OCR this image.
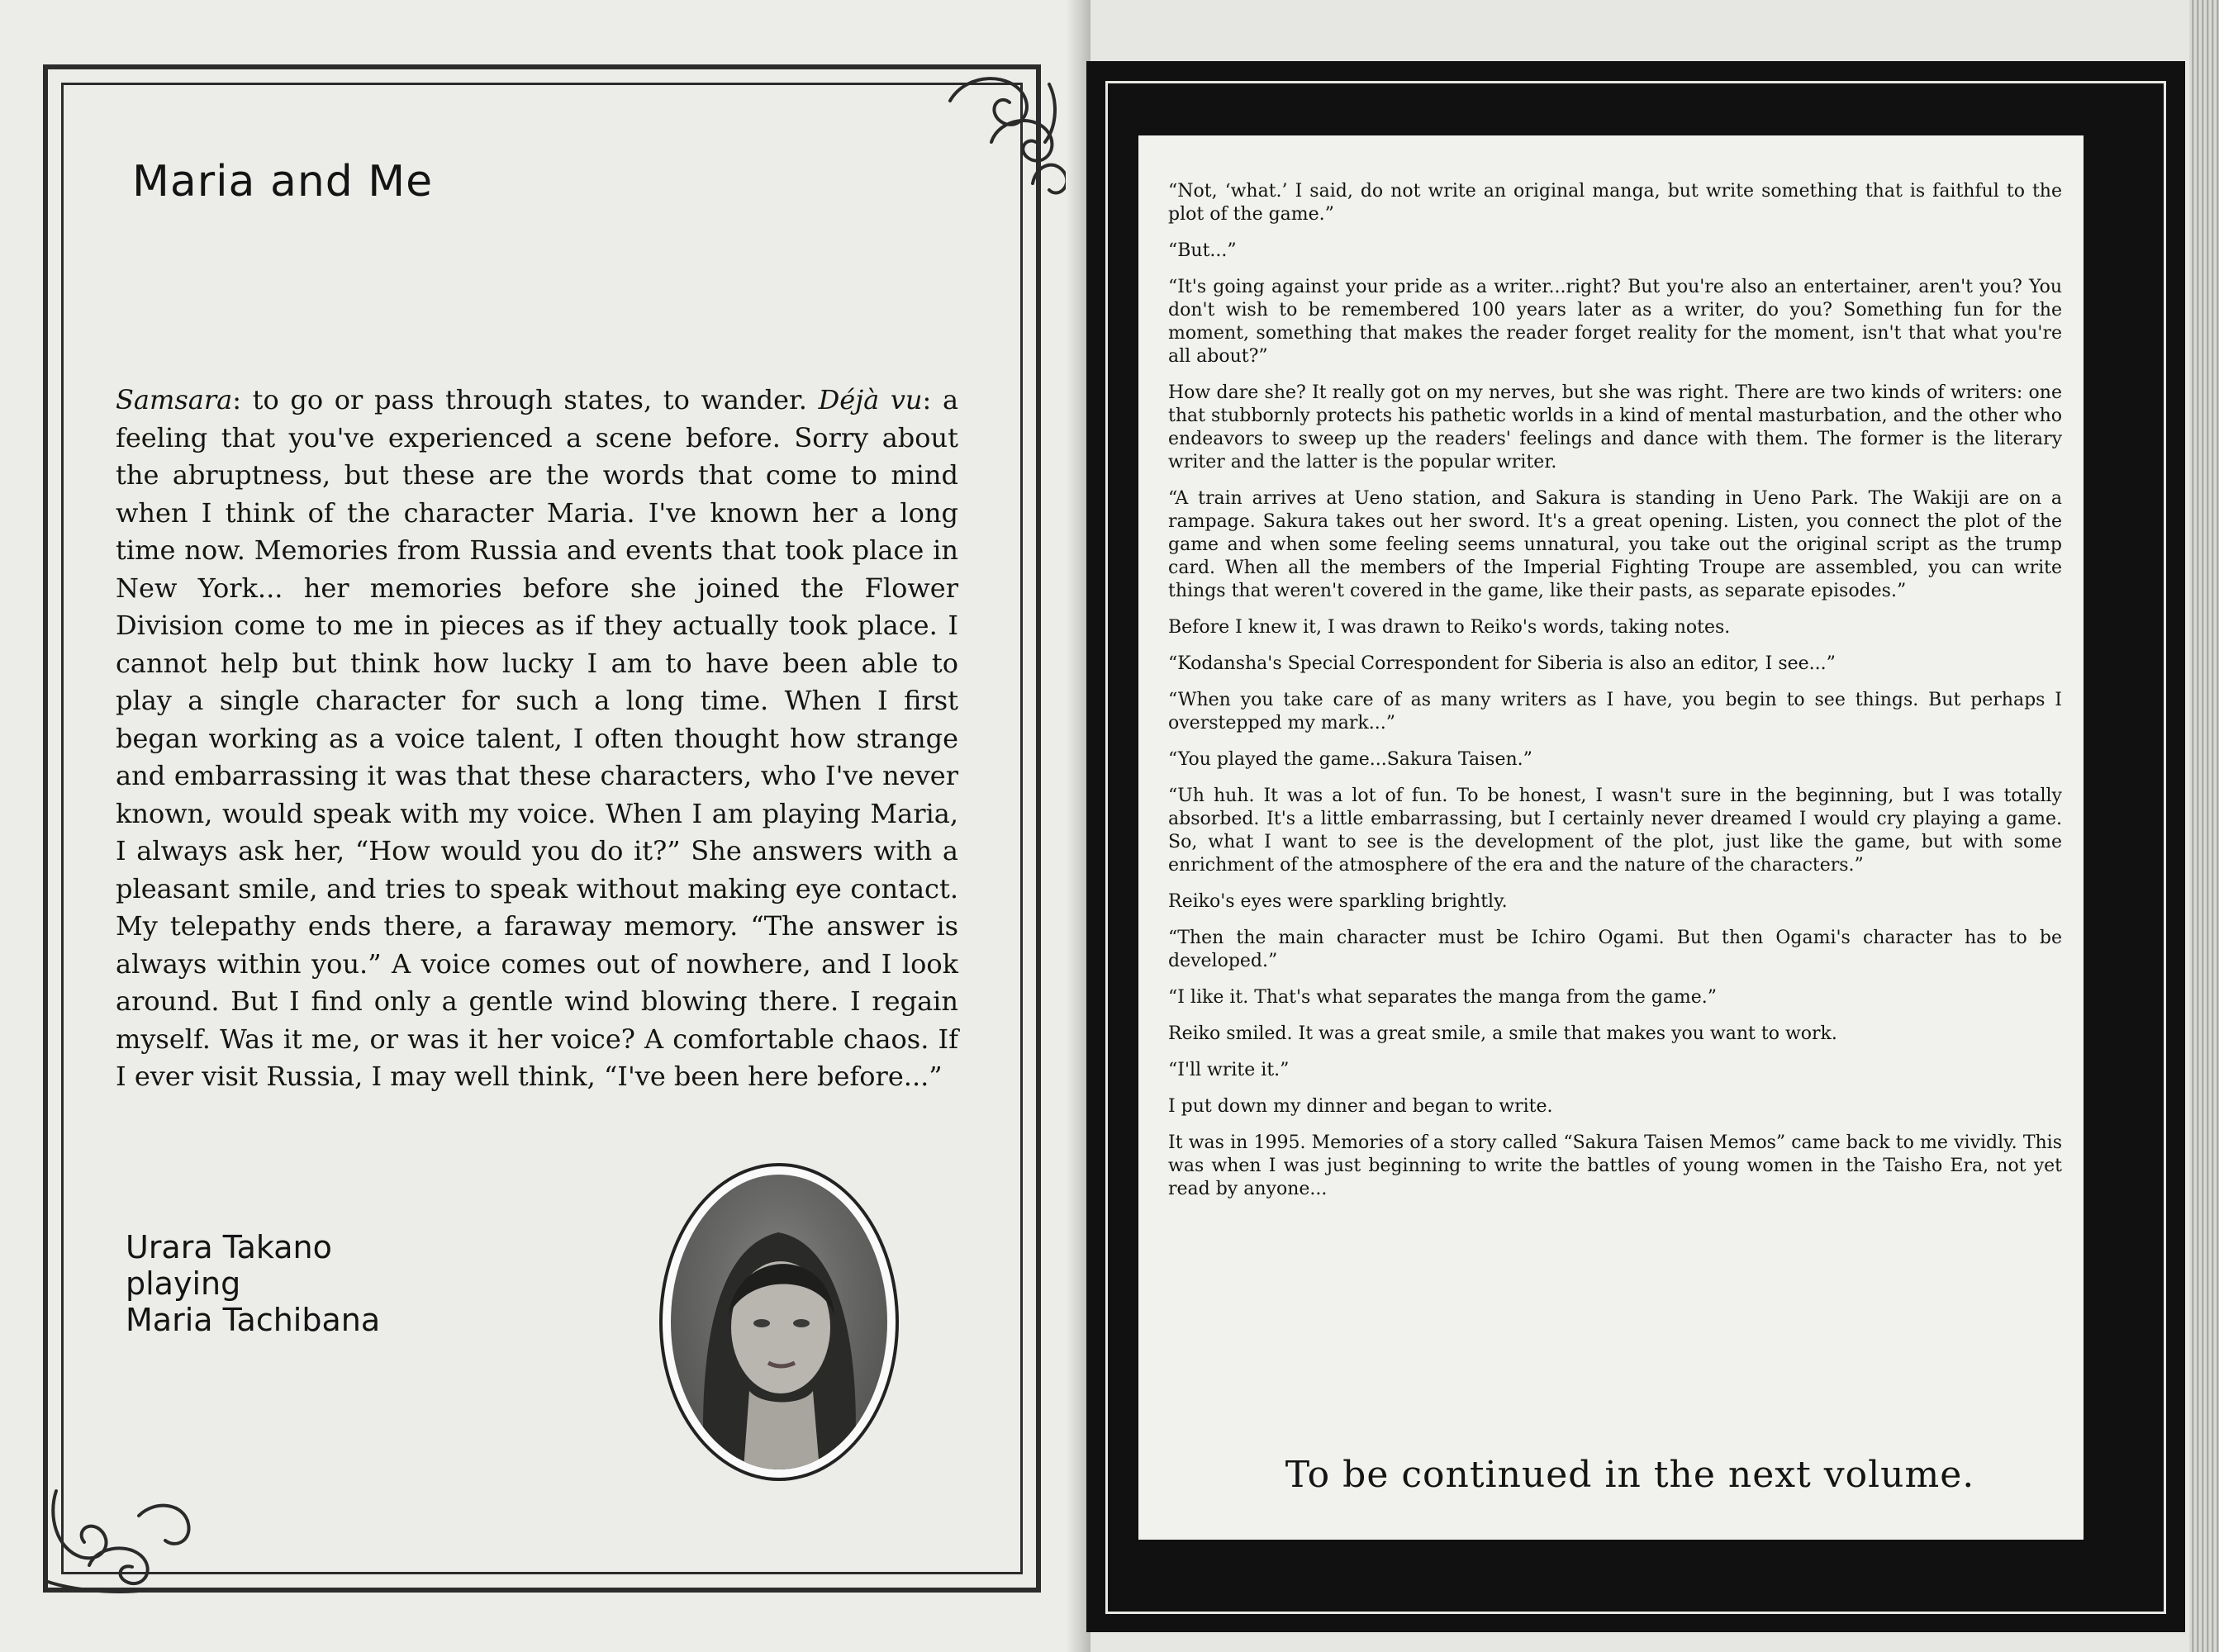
Maria and Me

Samsara: to go or pass through states, to wander. Déjà vu: a feeling that you've experienced a scene before. Sorry about the abruptness, but these are the words that come to mind when I think of the character Maria. I've known her a long time now. Memories from Russia and events that took place in New York... her memories before she joined the Flower Division come to me in pieces as if they actually took place. I cannot help but think how lucky I am to have been able to play a single character for such a long time. When I first began working as a voice talent, I often thought how strange and embarrassing it was that these characters, who I've never known, would speak with my voice. When I am playing Maria, I always ask her, “How would you do it?” She answers with a pleasant smile, and tries to speak without making eye contact. My telepathy ends there, a faraway memory. “The answer is always within you.” A voice comes out of nowhere, and I look around. But I find only a gentle wind blowing there. I regain myself. Was it me, or was it her voice? A comfortable chaos. If I ever visit Russia, I may well think, “I've been here before...”

Urara Takano
playing
Maria Tachibana

“Not, ‘what.’ I said, do not write an original manga, but write something that is faithful to the plot of the game.”

“But...”

“It's going against your pride as a writer...right? But you're also an entertainer, aren't you? You don't wish to be remembered 100 years later as a writer, do you? Something fun for the moment, something that makes the reader forget reality for the moment, isn't that what you're all about?”

How dare she? It really got on my nerves, but she was right. There are two kinds of writers: one that stubbornly protects his pathetic worlds in a kind of mental masturbation, and the other who endeavors to sweep up the readers' feelings and dance with them. The former is the literary writer and the latter is the popular writer.

“A train arrives at Ueno station, and Sakura is standing in Ueno Park. The Wakiji are on a rampage. Sakura takes out her sword. It's a great opening. Listen, you connect the plot of the game and when some feeling seems unnatural, you take out the original script as the trump card. When all the members of the Imperial Fighting Troupe are assembled, you can write things that weren't covered in the game, like their pasts, as separate episodes.”

Before I knew it, I was drawn to Reiko's words, taking notes.

“Kodansha's Special Correspondent for Siberia is also an editor, I see...”

“When you take care of as many writers as I have, you begin to see things. But perhaps I overstepped my mark...”

“You played the game...Sakura Taisen.”

“Uh huh. It was a lot of fun. To be honest, I wasn't sure in the beginning, but I was totally absorbed. It's a little embarrassing, but I certainly never dreamed I would cry playing a game. So, what I want to see is the development of the plot, just like the game, but with some enrichment of the atmosphere of the era and the nature of the characters.”

Reiko's eyes were sparkling brightly.

“Then the main character must be Ichiro Ogami. But then Ogami's character has to be developed.”

“I like it. That's what separates the manga from the game.”

Reiko smiled. It was a great smile, a smile that makes you want to work.

“I'll write it.”

I put down my dinner and began to write.

It was in 1995. Memories of a story called “Sakura Taisen Memos” came back to me vividly. This was when I was just beginning to write the battles of young women in the Taisho Era, not yet read by anyone...

To be continued in the next volume.
